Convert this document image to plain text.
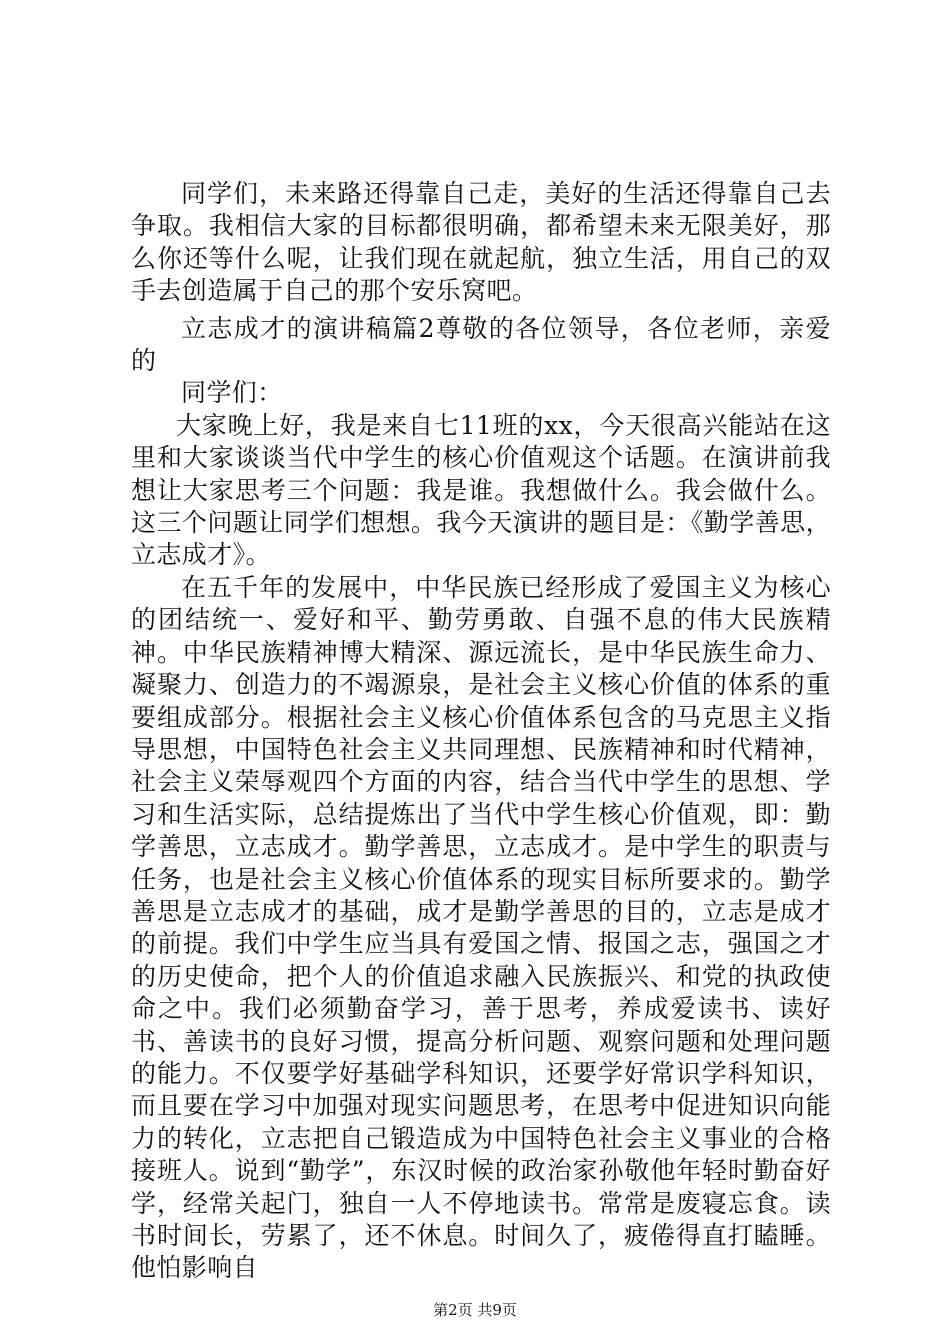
同学们，未来路还得靠自己走，美好的生活还得靠自己去争取。我相信大家的目标都很明确，都希望未来无限美好，那么你还等什么呢，让我们现在就起航，独立生活，用自己的双手去创造属于自己的那个安乐窝吧。

立志成才的演讲稿篇2尊敬的各位领导，各位老师，亲爱的

同学们：

大家晚上好，我是来自七11班的xx，今天很高兴能站在这里和大家谈谈当代中学生的核心价值观这个话题。在演讲前我想让大家思考三个问题：我是谁。我想做什么。我会做什么。这三个问题让同学们想想。我今天演讲的题目是：《勤学善思，立志成才》。

在五千年的发展中，中华民族已经形成了爱国主义为核心的团结统一、爱好和平、勤劳勇敢、自强不息的伟大民族精神。中华民族精神博大精深、源远流长，是中华民族生命力、凝聚力、创造力的不竭源泉，是社会主义核心价值的体系的重要组成部分。根据社会主义核心价值体系包含的马克思主义指导思想，中国特色社会主义共同理想、民族精神和时代精神，社会主义荣辱观四个方面的内容，结合当代中学生的思想、学习和生活实际，总结提炼出了当代中学生核心价值观，即：勤学善思，立志成才。勤学善思，立志成才。是中学生的职责与任务，也是社会主义核心价值体系的现实目标所要求的。勤学善思是立志成才的基础，成才是勤学善思的目的，立志是成才的前提。我们中学生应当具有爱国之情、报国之志，强国之才的历史使命，把个人的价值追求融入民族振兴、和党的执政使命之中。我们必须勤奋学习，善于思考，养成爱读书、读好书、善读书的良好习惯，提高分析问题、观察问题和处理问题的能力。不仅要学好基础学科知识，还要学好常识学科知识，而且要在学习中加强对现实问题思考，在思考中促进知识向能力的转化，立志把自己锻造成为中国特色社会主义事业的合格接班人。说到“勤学”，东汉时候的政治家孙敬他年轻时勤奋好学，经常关起门，独自一人不停地读书。常常是废寝忘食。读书时间长，劳累了，还不休息。时间久了，疲倦得直打瞌睡。他怕影响自

第2页 共9页
